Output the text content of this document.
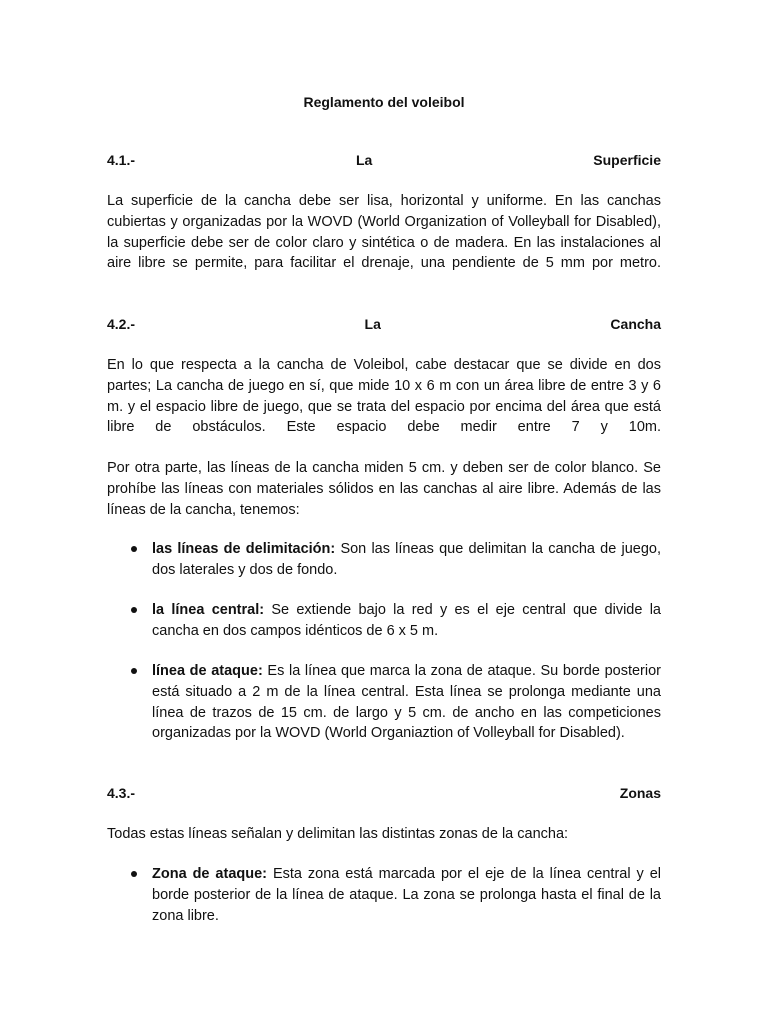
Reglamento del voleibol
4.1.-	La	Superficie

La superficie de la cancha debe ser lisa, horizontal y uniforme. En las canchas cubiertas y organizadas por la WOVD (World Organization of Volleyball for Disabled), la superficie debe ser de color claro y sintética o de madera. En las instalaciones al aire libre se permite, para facilitar el drenaje, una pendiente de 5 mm por metro.

4.2.-	La	Cancha

En lo que respecta a la cancha de Voleibol, cabe destacar que se divide en dos partes; La cancha de juego en sí, que mide 10 x 6 m con un área libre de entre 3 y 6 m. y el espacio libre de juego, que se trata del espacio por encima del área que está libre de obstáculos. Este espacio debe medir entre 7 y 10m.

Por otra parte, las líneas de la cancha miden 5 cm. y deben ser de color blanco. Se prohíbe las líneas con materiales sólidos en las canchas al aire libre. Además de las líneas de la cancha, tenemos:

las líneas de delimitación: Son las líneas que delimitan la cancha de juego, dos laterales y dos de fondo.
la línea central: Se extiende bajo la red y es el eje central que divide la cancha en dos campos idénticos de 6 x 5 m.
línea de ataque: Es la línea que marca la zona de ataque. Su borde posterior está situado a 2 m de la línea central. Esta línea se prolonga mediante una línea de trazos de 15 cm. de largo y 5 cm. de ancho en las competiciones organizadas por la WOVD (World Organiaztion of Volleyball for Disabled).
4.3.-	Zonas

Todas estas líneas señalan y delimitan las distintas zonas de la cancha:

Zona de ataque: Esta zona está marcada por el eje de la línea central y el borde posterior de la línea de ataque. La zona se prolonga hasta el final de la zona libre.
